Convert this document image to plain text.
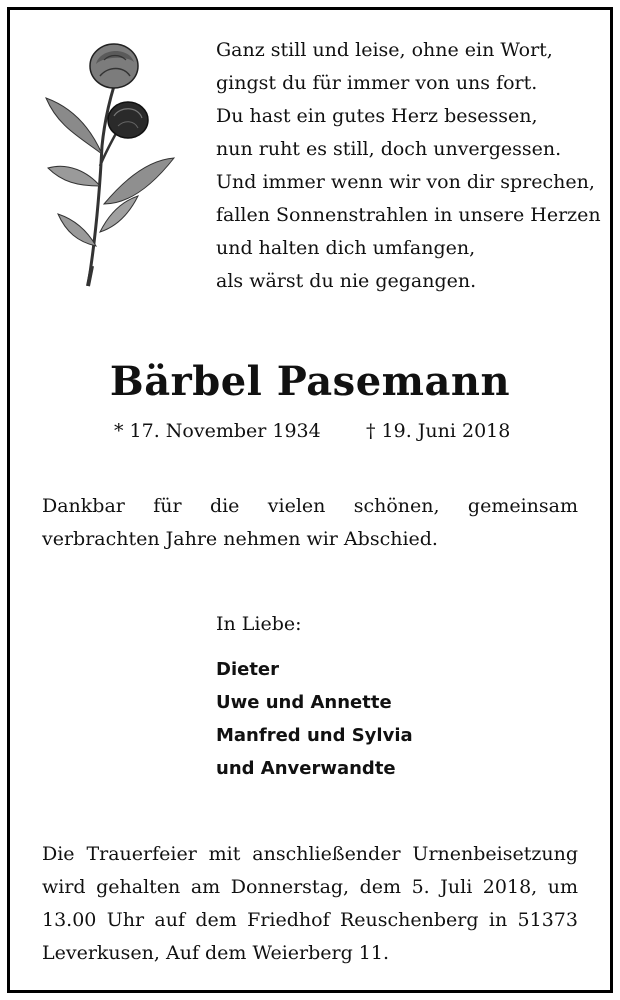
Ganz still und leise, ohne ein Wort,
gingst du für immer von uns fort.
Du hast ein gutes Herz besessen,
nun ruht es still, doch unvergessen.
Und immer wenn wir von dir sprechen,
fallen Sonnenstrahlen in unsere Herzen
und halten dich umfangen,
als wärst du nie gegangen.
Bärbel Pasemann
* 17. November 1934 † 19. Juni 2018
Dankbar für die vielen schönen, gemeinsam verbrachten Jahre nehmen wir Abschied.
In Liebe:
Dieter
Uwe und Annette
Manfred und Sylvia
und Anverwandte
Die Trauerfeier mit anschließender Urnenbeisetzung wird gehalten am Donnerstag, dem 5. Juli 2018, um 13.00 Uhr auf dem Friedhof Reuschenberg in 51373 Leverkusen, Auf dem Weierberg 11.
